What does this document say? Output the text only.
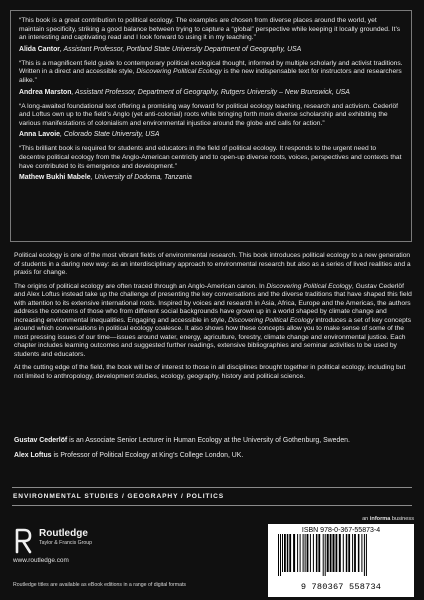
“This book is a great contribution to political ecology. The examples are chosen from diverse places around the world, yet maintain specificity, striking a good balance between trying to capture a “global” perspective while keeping it locally grounded. It’s an interesting and captivating read and I look forward to using it in my teaching.”

Alida Cantor, Assistant Professor, Portland State University Department of Geography, USA

“This is a magnificent field guide to contemporary political ecological thought, informed by multiple scholarly and activist traditions. Written in a direct and accessible style, Discovering Political Ecology is the new indispensable text for instructors and researchers alike.”

Andrea Marston, Assistant Professor, Department of Geography, Rutgers University – New Brunswick, USA

“A long-awaited foundational text offering a promising way forward for political ecology teaching, research and activism. Cederlöf and Loftus own up to the field’s Anglo (yet anti-colonial) roots while bringing forth more diverse scholarship and exhibiting the various manifestations of colonialism and environmental injustice around the globe and calls for action.”

Anna Lavoie, Colorado State University, USA

“This brilliant book is required for students and educators in the field of political ecology. It responds to the urgent need to decentre political ecology from the Anglo-American centricity and to open-up diverse roots, voices, perspectives and contexts that have contributed to its emergence and development.”

Mathew Bukhi Mabele, University of Dodoma, Tanzania

Political ecology is one of the most vibrant fields of environmental research. This book introduces political ecology to a new generation of students in a daring new way: as an interdisciplinary approach to environmental research but also as a series of lived realities and a praxis for change.

The origins of political ecology are often traced through an Anglo-American canon. In Discovering Political Ecology, Gustav Cederlöf and Alex Loftus instead take up the challenge of presenting the key conversations and the diverse traditions that have shaped this field with attention to its extensive international roots. Inspired by voices and research in Asia, Africa, Europe and the Americas, the authors address the concerns of those who from different social backgrounds have grown up in a world shaped by climate change and increasing environmental inequalities. Engaging and accessible in style, Discovering Political Ecology introduces a set of key concepts around which conversations in political ecology coalesce. It also shows how these concepts allow you to make sense of some of the most pressing issues of our time—issues around water, energy, agriculture, forestry, climate change and environmental justice. Each chapter includes learning outcomes and suggested further readings, extensive bibliographies and seminar activities to be used by students and educators.

At the cutting edge of the field, the book will be of interest to those in all disciplines brought together in political ecology, including but not limited to anthropology, development studies, ecology, geography, history and political science.

Gustav Cederlöf is an Associate Senior Lecturer in Human Ecology at the University of Gothenburg, Sweden.

Alex Loftus is Professor of Political Ecology at King’s College London, UK.

ENVIRONMENTAL STUDIES / GEOGRAPHY / POLITICS
Routledge
Taylor & Francis Group
www.routledge.com
an informa business
ISBN 978-0-367-55873-4
9 780367 558734
Routledge titles are available as eBook editions in a range of digital formats
